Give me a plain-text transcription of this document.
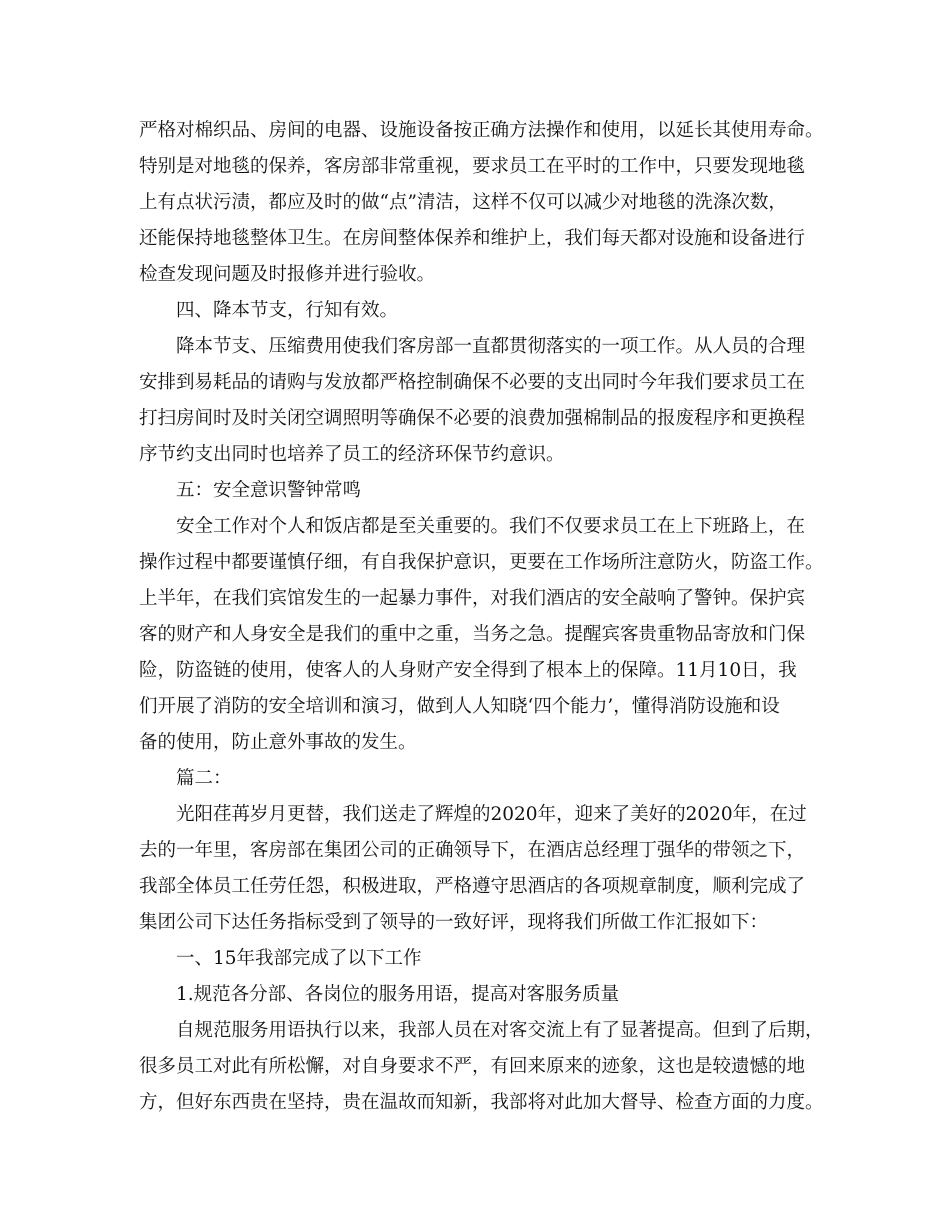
严格对棉织品、房间的电器、设施设备按正确方法操作和使用，以延长其使用寿命。
特别是对地毯的保养，客房部非常重视，要求员工在平时的工作中，只要发现地毯
上有点状污渍，都应及时的做“点”清洁，这样不仅可以减少对地毯的洗涤次数，
还能保持地毯整体卫生。在房间整体保养和维护上，我们每天都对设施和设备进行
检查发现问题及时报修并进行验收。
四、降本节支，行知有效。
降本节支、压缩费用使我们客房部一直都贯彻落实的一项工作。从人员的合理
安排到易耗品的请购与发放都严格控制确保不必要的支出同时今年我们要求员工在
打扫房间时及时关闭空调照明等确保不必要的浪费加强棉制品的报废程序和更换程
序节约支出同时也培养了员工的经济环保节约意识。
五：安全意识警钟常鸣
安全工作对个人和饭店都是至关重要的。我们不仅要求员工在上下班路上，在
操作过程中都要谨慎仔细，有自我保护意识，更要在工作场所注意防火，防盗工作。
上半年，在我们宾馆发生的一起暴力事件，对我们酒店的安全敲响了警钟。保护宾
客的财产和人身安全是我们的重中之重，当务之急。提醒宾客贵重物品寄放和门保
险，防盗链的使用，使客人的人身财产安全得到了根本上的保障。11月10日，我
们开展了消防的安全培训和演习，做到人人知晓‘四个能力’，懂得消防设施和设
备的使用，防止意外事故的发生。
篇二：
光阳荏苒岁月更替，我们送走了辉煌的2020年，迎来了美好的2020年，在过
去的一年里，客房部在集团公司的正确领导下，在酒店总经理丁强华的带领之下，
我部全体员工任劳任怨，积极进取，严格遵守思酒店的各项规章制度，顺利完成了
集团公司下达任务指标受到了领导的一致好评，现将我们所做工作汇报如下：
一、15年我部完成了以下工作
1.规范各分部、各岗位的服务用语，提高对客服务质量
自规范服务用语执行以来，我部人员在对客交流上有了显著提高。但到了后期，
很多员工对此有所松懈，对自身要求不严，有回来原来的迹象，这也是较遗憾的地
方，但好东西贵在坚持，贵在温故而知新，我部将对此加大督导、检查方面的力度。
